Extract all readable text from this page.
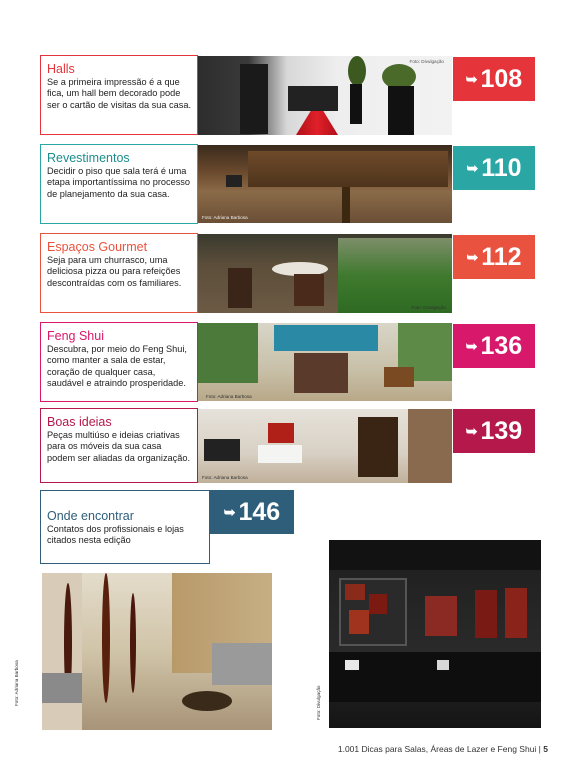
Halls

Se a primeira impressão é a que fica, um hall bem decorado pode ser o cartão de visitas da sua casa.

Foto: Divulgação
➥ 108
Revestimentos

Decidir o piso que sala terá é uma etapa importantíssima no processo de planejamento da sua casa.

Foto: Adriana Barbosa
➥ 110
Espaços Gourmet

Seja para um churrasco, uma deliciosa pizza ou para refeições descontraídas com os familiares.

Foto: Divulgação
➥ 112
Feng Shui

Descubra, por meio do Feng Shui, como manter a sala de estar, coração de qualquer casa, saudável e atraindo prosperidade.

Foto: Adriana Barbosa
➥ 136
Boas ideias

Peças multiúso e ideias criativas para os móveis da sua casa podem ser aliadas da organização.

Foto: Adriana Barbosa
➥ 139
Onde encontrar

Contatos dos profissionais e lojas citados nesta edição

➥ 146
Foto: Adriana Barbosa	Foto: Divulgação
1.001 Dicas para Salas, Áreas de Lazer e Feng Shui | 5
